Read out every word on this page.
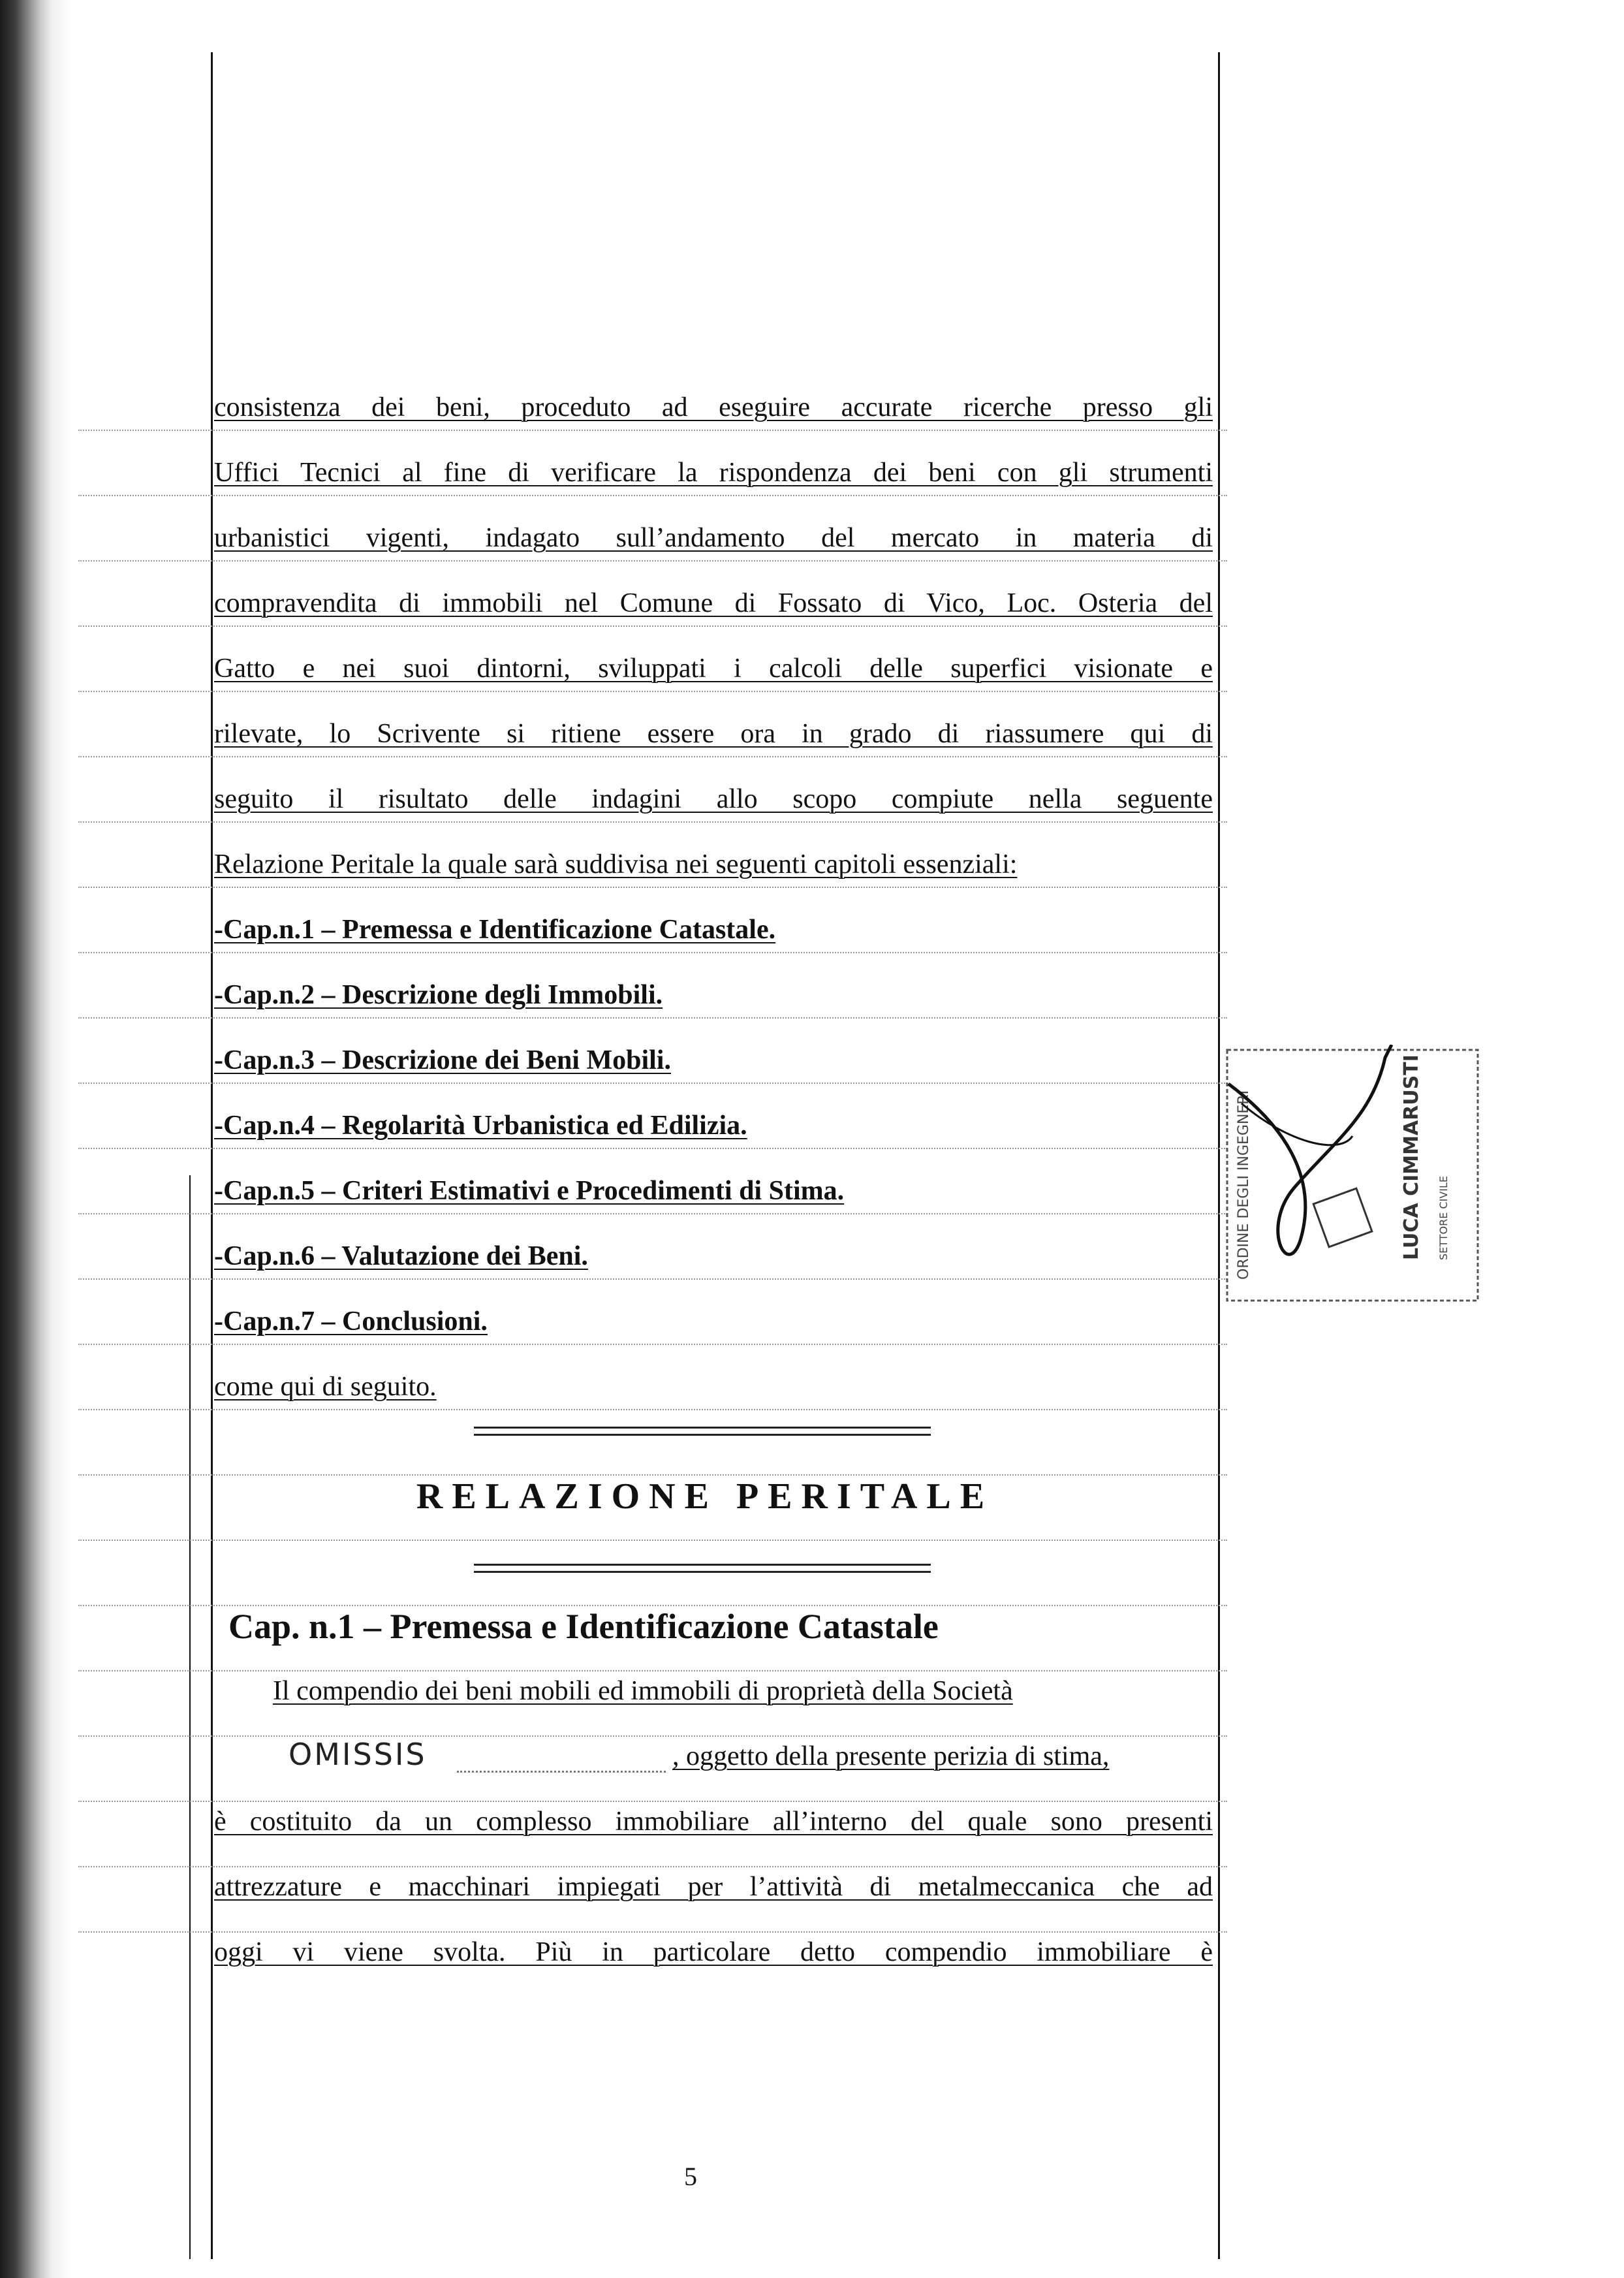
consistenza dei beni, proceduto ad eseguire accurate ricerche presso gli
Uffici Tecnici al fine di verificare la rispondenza dei beni con gli strumenti
urbanistici vigenti, indagato sull’andamento del mercato in materia di
compravendita di immobili nel Comune di Fossato di Vico, Loc. Osteria del
Gatto e nei suoi dintorni, sviluppati i calcoli delle superfici visionate e
rilevate, lo Scrivente si ritiene essere ora in grado di riassumere qui di
seguito il risultato delle indagini allo scopo compiute nella seguente
Relazione Peritale la quale sarà suddivisa nei seguenti capitoli essenziali:
-Cap.n.1 – Premessa e Identificazione Catastale.
-Cap.n.2 – Descrizione degli Immobili.
-Cap.n.3 – Descrizione dei Beni Mobili.
-Cap.n.4 – Regolarità Urbanistica ed Edilizia.
-Cap.n.5 – Criteri Estimativi e Procedimenti di Stima.
-Cap.n.6 – Valutazione dei Beni.
-Cap.n.7 – Conclusioni.
come qui di seguito.
RELAZIONE PERITALE
Cap. n.1 – Premessa e Identificazione Catastale
Il compendio dei beni mobili ed immobili di proprietà della Società
OMISSIS	, oggetto della presente perizia di stima,
è costituito da un complesso immobiliare all’interno del quale sono presenti
attrezzature e macchinari impiegati per l’attività di metalmeccanica che ad
oggi vi viene svolta. Più in particolare detto compendio immobiliare è
ORDINE DEGLI INGEGNERI	LUCA CIMMARUSTI SETTORE CIVILE
5
